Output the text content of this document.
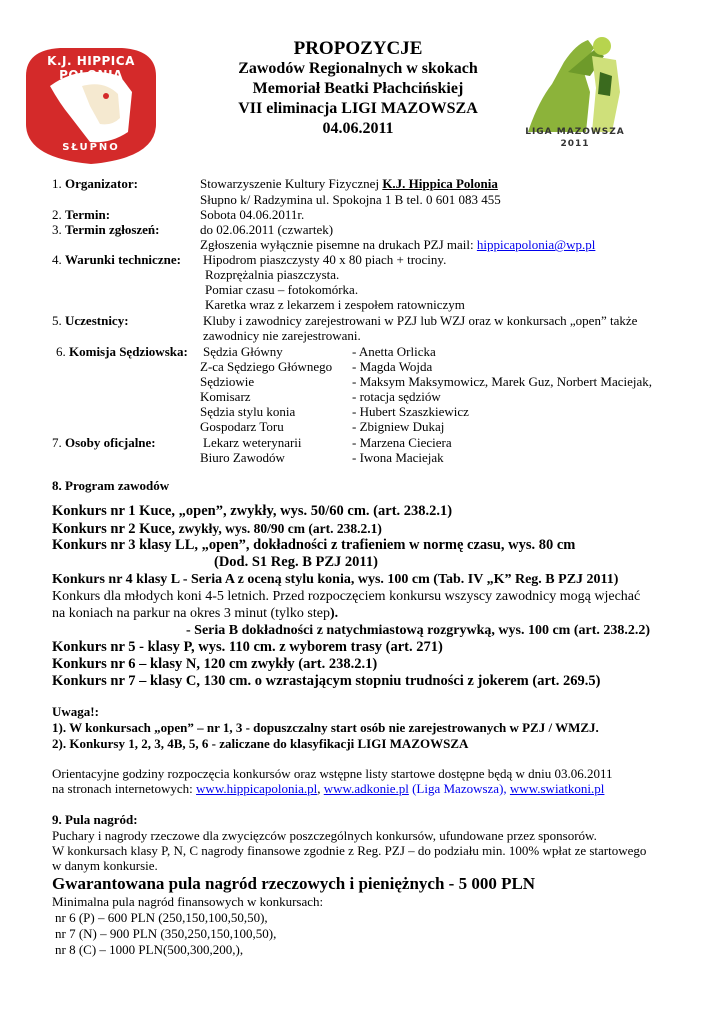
K.J. HIPPICA POLONIA
SŁUPNO
LIGA MAZOWSZA
2011
PROPOZYCJE
Zawodów Regionalnych w skokach
Memoriał Beatki Płachcińskiej
VII eliminacja LIGI MAZOWSZA
04.06.2011
1. Organizator:	Stowarzyszenie Kultury Fizycznej K.J. Hippica Polonia
Słupno k/ Radzymina ul. Spokojna 1 B tel. 0 601 083 455
2. Termin:	Sobota 04.06.2011r.
3. Termin zgłoszeń:	do 02.06.2011 (czwartek)
Zgłoszenia wyłącznie pisemne na drukach PZJ mail: hippicapolonia@wp.pl
4. Warunki techniczne: Hipodrom piaszczysty 40 x 80 piach + trociny.
Rozprężalnia piaszczysta.
Pomiar czasu – fotokomórka.
Karetka wraz z lekarzem i zespołem ratowniczym
5. Uczestnicy:	Kluby i zawodnicy zarejestrowani w PZJ lub WZJ oraz w konkursach „open” także
zawodnicy nie zarejestrowani.
6. Komisja Sędziowska: Sędzia Główny	- Anetta Orlicka
Z-ca Sędziego Głównego - Magda Wojda
Sędziowie	- Maksym Maksymowicz, Marek Guz, Norbert Maciejak,
Komisarz	- rotacja sędziów
Sędzia stylu konia	- Hubert Szaszkiewicz
Gospodarz Toru	- Zbigniew Dukaj
7. Osoby oficjalne:	Lekarz weterynarii	- Marzena Cieciera
Biuro Zawodów	- Iwona Maciejak
8. Program zawodów
Konkurs nr 1 Kuce, „open”, zwykły, wys. 50/60 cm. (art. 238.2.1)
Konkurs nr 2 Kuce, zwykły, wys. 80/90 cm (art. 238.2.1)
Konkurs nr 3 klasy LL, „open”, dokładności z trafieniem w normę czasu, wys. 80 cm
(Dod. S1 Reg. B PZJ 2011)
Konkurs nr 4 klasy L - Seria A z oceną stylu konia, wys. 100 cm (Tab. IV „K” Reg. B PZJ 2011)
Konkurs dla młodych koni 4-5 letnich. Przed rozpoczęciem konkursu wszyscy zawodnicy mogą wjechać
na koniach na parkur na okres 3 minut (tylko step).
- Seria B dokładności z natychmiastową rozgrywką, wys. 100 cm (art. 238.2.2)
Konkurs nr 5 - klasy P, wys. 110 cm. z wyborem trasy (art. 271)
Konkurs nr 6 – klasy N, 120 cm zwykły (art. 238.2.1)
Konkurs nr 7 – klasy C, 130 cm. o wzrastającym stopniu trudności z jokerem (art. 269.5)
Uwaga!:
1). W konkursach „open” – nr 1, 3 - dopuszczalny start osób nie zarejestrowanych w PZJ / WMZJ.
2). Konkursy 1, 2, 3, 4B, 5, 6 - zaliczane do klasyfikacji LIGI MAZOWSZA
Orientacyjne godziny rozpoczęcia konkursów oraz wstępne listy startowe dostępne będą w dniu 03.06.2011
na stronach internetowych: www.hippicapolonia.pl, www.adkonie.pl (Liga Mazowsza), www.swiatkoni.pl
9. Pula nagród:
Puchary i nagrody rzeczowe dla zwycięzców poszczególnych konkursów, ufundowane przez sponsorów.
W konkursach klasy P, N, C nagrody finansowe zgodnie z Reg. PZJ – do podziału min. 100% wpłat ze startowego
w danym konkursie.
Gwarantowana pula nagród rzeczowych i pieniężnych - 5 000 PLN
Minimalna pula nagród finansowych w konkursach:
nr 6 (P) – 600 PLN (250,150,100,50,50),
nr 7 (N) – 900 PLN (350,250,150,100,50),
nr 8 (C) – 1000 PLN(500,300,200,),
